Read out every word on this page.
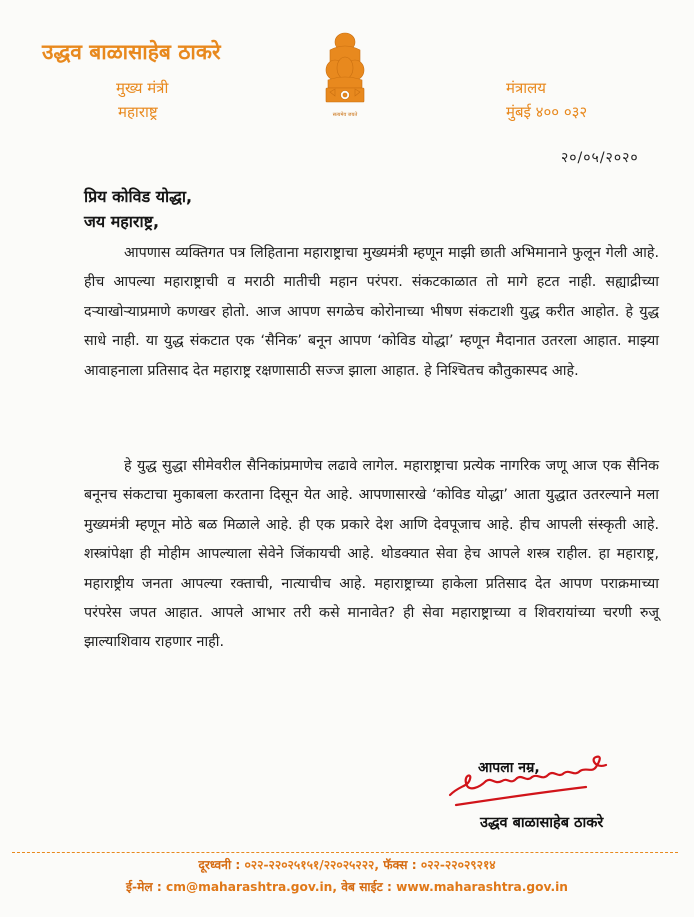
उद्धव बाळासाहेब ठाकरे
मुख्य मंत्री
महाराष्ट्र	सत्यमेव जयते
मंत्रालय
मुंबई ४०० ०३२
२०/०५/२०२०
प्रिय कोविड योद्धा,
जय महाराष्ट्र,
आपणास व्यक्तिगत पत्र लिहिताना महाराष्ट्राचा मुख्यमंत्री म्हणून माझी छाती अभिमानाने फुलून गेली आहे. हीच आपल्या महाराष्ट्राची व मराठी मातीची महान परंपरा. संकटकाळात तो मागे हटत नाही. सह्याद्रीच्या दऱ्याखोऱ्याप्रमाणे कणखर होतो. आज आपण सगळेच कोरोनाच्या भीषण संकटाशी युद्ध करीत आहोत. हे युद्ध साधे नाही. या युद्ध संकटात एक ‘सैनिक’ बनून आपण ‘कोविड योद्धा’ म्हणून मैदानात उतरला आहात. माझ्या आवाहनाला प्रतिसाद देत महाराष्ट्र रक्षणासाठी सज्ज झाला आहात. हे निश्चितच कौतुकास्पद आहे.
हे युद्ध सुद्धा सीमेवरील सैनिकांप्रमाणेच लढावे लागेल. महाराष्ट्राचा प्रत्येक नागरिक जणू आज एक सैनिक बनूनच संकटाचा मुकाबला करताना दिसून येत आहे. आपणासारखे ‘कोविड योद्धा’ आता युद्धात उतरल्याने मला मुख्यमंत्री म्हणून मोठे बळ मिळाले आहे. ही एक प्रकारे देश आणि देवपूजाच आहे. हीच आपली संस्कृती आहे. शस्त्रांपेक्षा ही मोहीम आपल्याला सेवेने जिंकायची आहे. थोडक्यात सेवा हेच आपले शस्त्र राहील. हा महाराष्ट्र, महाराष्ट्रीय जनता आपल्या रक्ताची, नात्याचीच आहे. महाराष्ट्राच्या हाकेला प्रतिसाद देत आपण पराक्रमाच्या परंपरेस जपत आहात. आपले आभार तरी कसे मानावेत? ही सेवा महाराष्ट्राच्या व शिवरायांच्या चरणी रुजू झाल्याशिवाय राहणार नाही.
आपला नम्र,
उद्धव बाळासाहेब ठाकरे
दूरध्वनी : ०२२-२२०२५१५१/२२०२५२२२, फॅक्स : ०२२-२२०२९२१४
ई-मेल : cm@maharashtra.gov.in, वेब साईट : www.maharashtra.gov.in
